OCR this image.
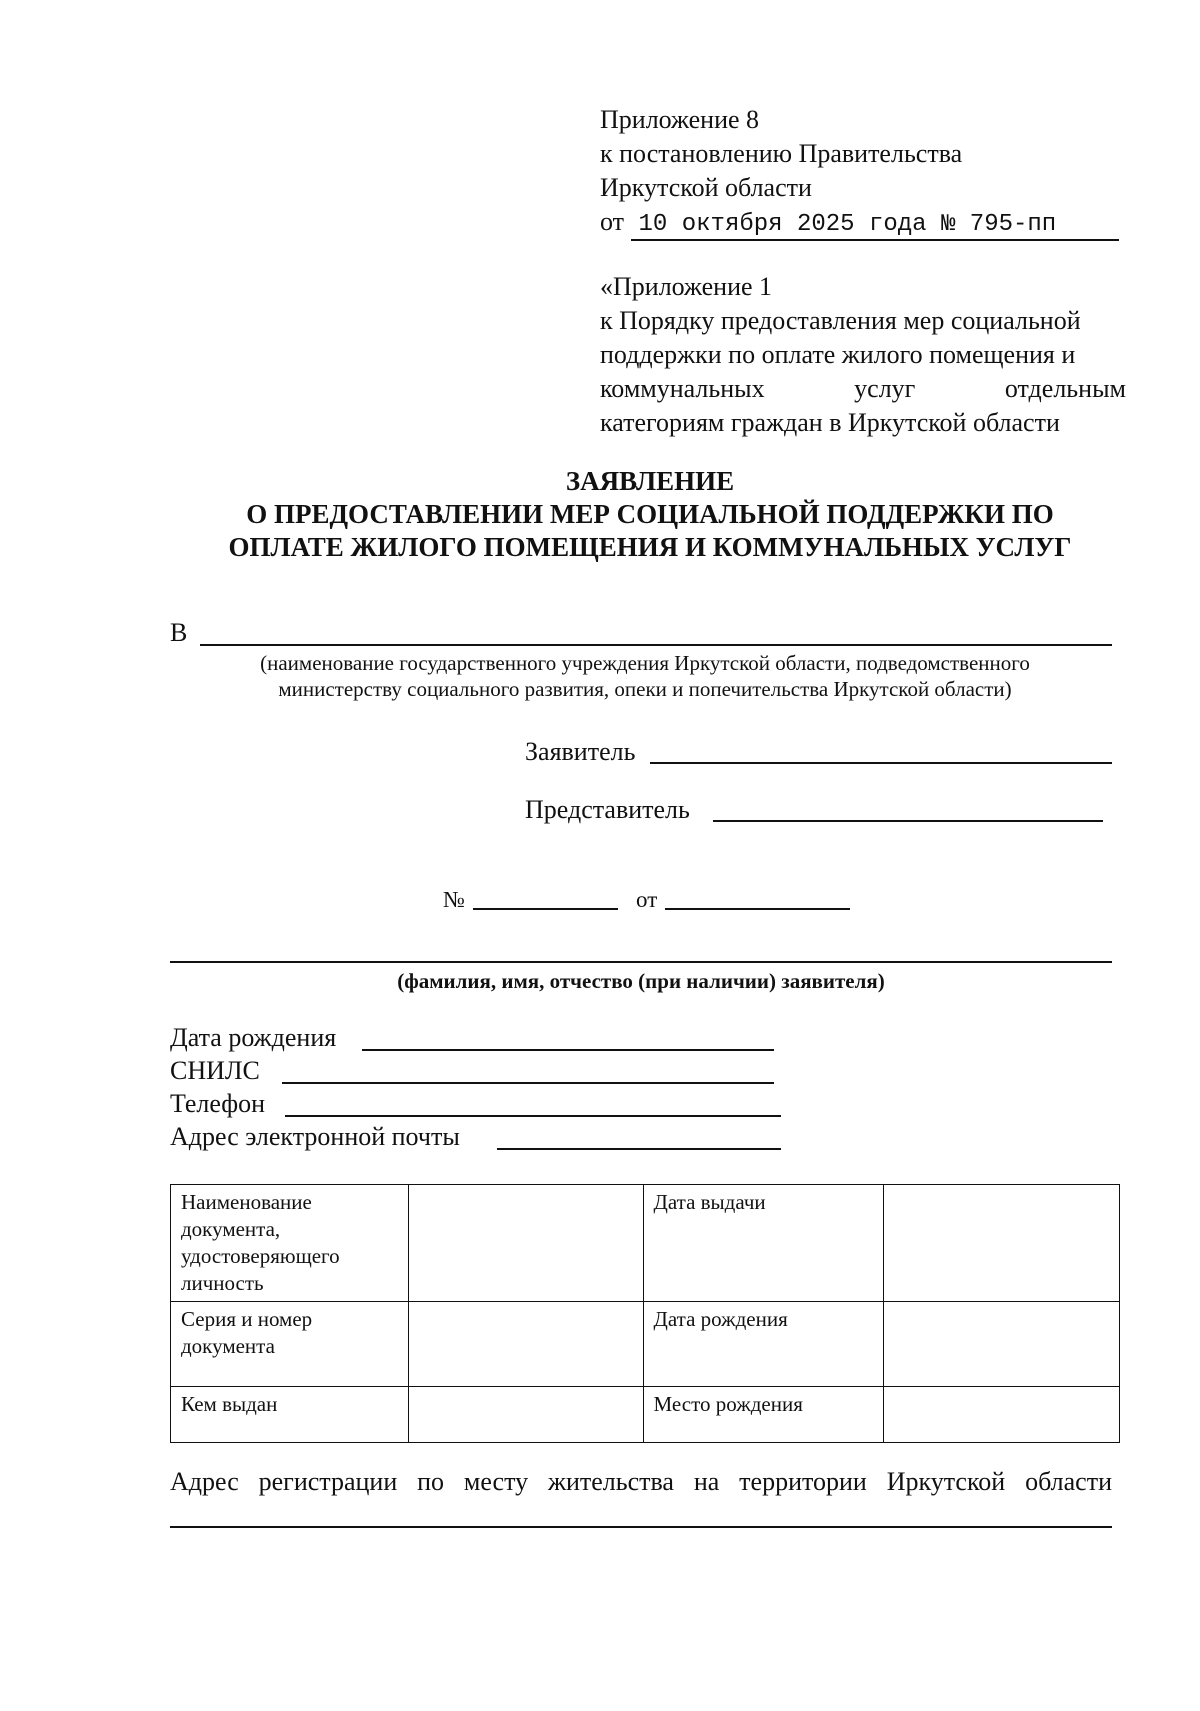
Приложение 8
к постановлению Правительства
Иркутской области
от 10 октября 2025 года № 795-пп
«Приложение 1
к Порядку предоставления мер социальной
поддержки по оплате жилого помещения и
коммунальных	услуг	отдельным
категориям граждан в Иркутской области
ЗАЯВЛЕНИЕ
О ПРЕДОСТАВЛЕНИИ МЕР СОЦИАЛЬНОЙ ПОДДЕРЖКИ ПО
ОПЛАТЕ ЖИЛОГО ПОМЕЩЕНИЯ И КОММУНАЛЬНЫХ УСЛУГ
В
(наименование государственного учреждения Иркутской области, подведомственного
министерству социального развития, опеки и попечительства Иркутской области)
Заявитель
Представитель
№	от
(фамилия, имя, отчество (при наличии) заявителя)
Дата рождения
СНИЛС
Телефон
Адрес электронной почты
Наименование документа, удостоверяющего личность		Дата выдачи	
Серия и номер документа		Дата рождения	
Кем выдан		Место рождения	
Адрес регистрации по месту жительства на территории Иркутской области
